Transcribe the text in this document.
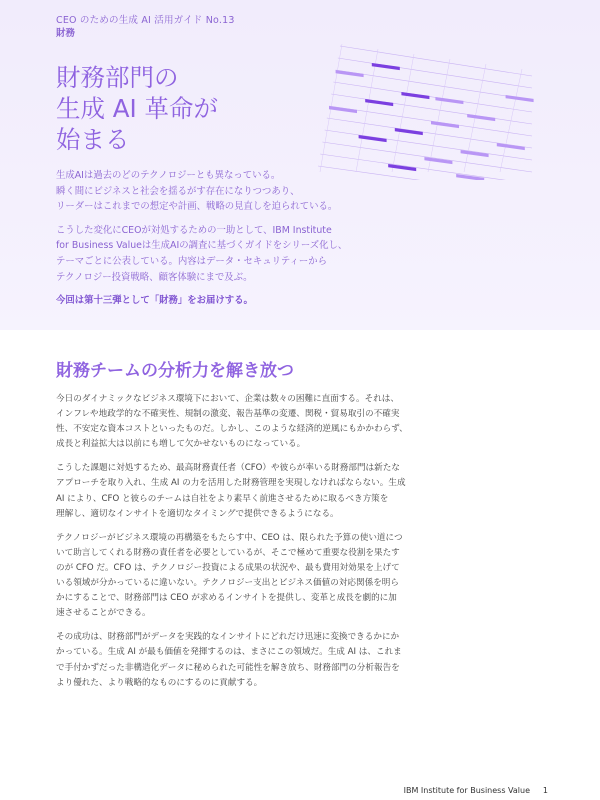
CEO のための生成 AI 活用ガイド No.13
財務
財務部門の
生成 AI 革命が
始まる

生成AIは過去のどのテクノロジーとも異なっている。
瞬く間にビジネスと社会を揺るがす存在になりつつあり、
リーダーはこれまでの想定や計画、戦略の見直しを迫られている。

こうした変化にCEOが対処するための一助として、IBM Institute
for Business Valueは生成AIの調査に基づくガイドをシリーズ化し、
テーマごとに公表している。内容はデータ・セキュリティーから
テクノロジー投資戦略、顧客体験にまで及ぶ。

今回は第十三弾として「財務」をお届けする。
財務チームの分析力を解き放つ

今日のダイナミックなビジネス環境下において、企業は数々の困難に直面する。それは、
インフレや地政学的な不確実性、規制の激変、報告基準の変遷、関税・貿易取引の不確実
性、不安定な資本コストといったものだ。しかし、このような経済的逆風にもかかわらず、
成長と利益拡大は以前にも増して欠かせないものになっている。

こうした課題に対処するため、最高財務責任者（CFO）や彼らが率いる財務部門は新たな
アプローチを取り入れ、生成 AI の力を活用した財務管理を実現しなければならない。生成
AI により、CFO と彼らのチームは自社をより素早く前進させるために取るべき方策を
理解し、適切なインサイトを適切なタイミングで提供できるようになる。

テクノロジーがビジネス環境の再構築をもたらす中、CEO は、限られた予算の使い道につ
いて助言してくれる財務の責任者を必要としているが、そこで極めて重要な役割を果たす
のが CFO だ。CFO は、テクノロジー投資による成果の状況や、最も費用対効果を上げて
いる領域が分かっているに違いない。テクノロジー支出とビジネス価値の対応関係を明ら
かにすることで、財務部門は CEO が求めるインサイトを提供し、変革と成長を劇的に加
速させることができる。

その成功は、財務部門がデータを実践的なインサイトにどれだけ迅速に変換できるかにか
かっている。生成 AI が最も価値を発揮するのは、まさにこの領域だ。生成 AI は、これま
で手付かずだった非構造化データに秘められた可能性を解き放ち、財務部門の分析報告を
より優れた、より戦略的なものにするのに貢献する。

IBM Institute for Business Value 1
